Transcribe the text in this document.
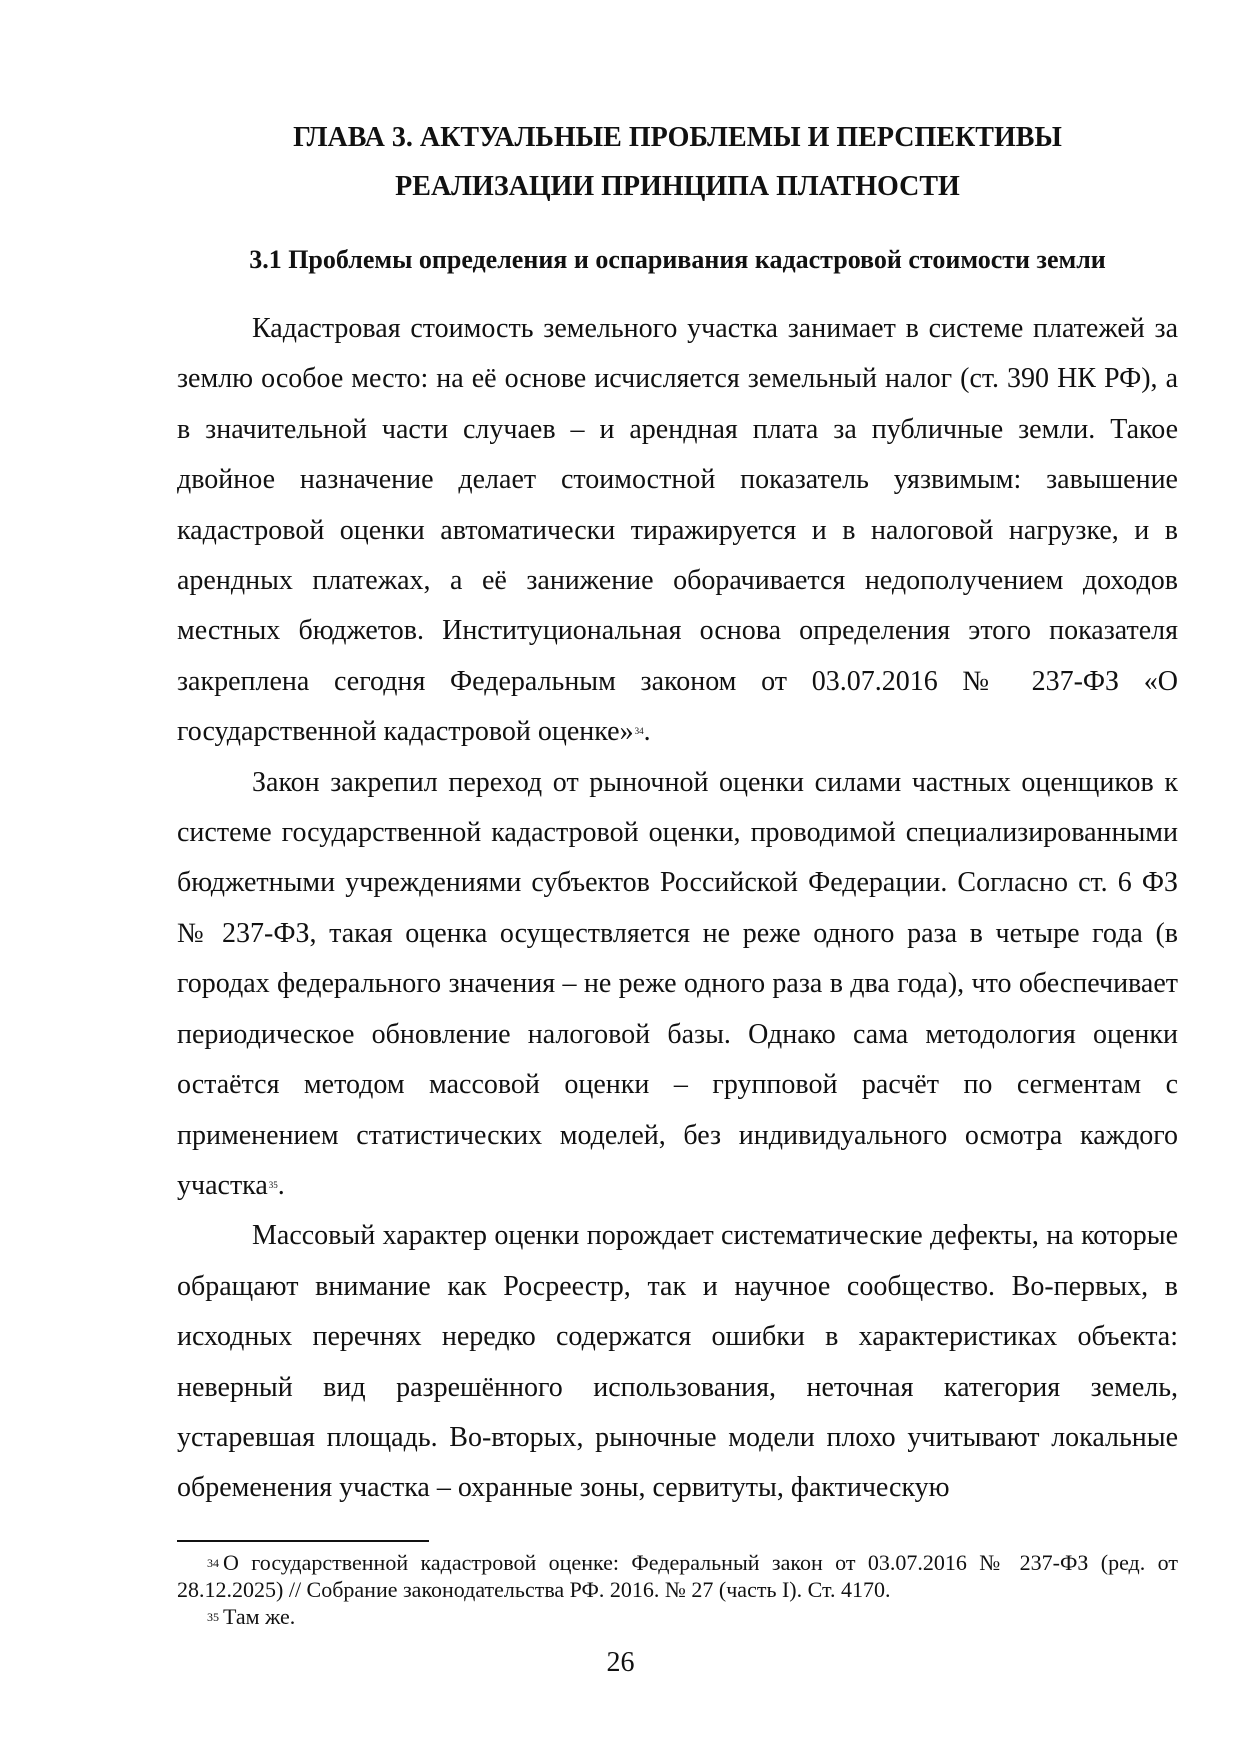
ГЛАВА 3. АКТУАЛЬНЫЕ ПРОБЛЕМЫ И ПЕРСПЕКТИВЫ
РЕАЛИЗАЦИИ ПРИНЦИПА ПЛАТНОСТИ
3.1 Проблемы определения и оспаривания кадастровой стоимости земли

Кадастровая стоимость земельного участка занимает в системе платежей за землю особое место: на её основе исчисляется земельный налог (ст. 390 НК РФ), а в значительной части случаев – и арендная плата за публичные земли. Такое двойное назначение делает стоимостной показатель уязвимым: завышение кадастровой оценки автоматически тиражируется и в налоговой нагрузке, и в арендных платежах, а её занижение оборачивается недополучением доходов местных бюджетов. Институциональная основа определения этого показателя закреплена сегодня Федеральным законом от 03.07.2016 № 237-ФЗ «О государственной кадастровой оценке»$^{34}$.

Закон закрепил переход от рыночной оценки силами частных оценщиков к системе государственной кадастровой оценки, проводимой специализированными бюджетными учреждениями субъектов Российской Федерации. Согласно ст. 6 ФЗ № 237-ФЗ, такая оценка осуществляется не реже одного раза в четыре года (в городах федерального значения – не реже одного раза в два года), что обеспечивает периодическое обновление налоговой базы. Однако сама методология оценки остаётся методом массовой оценки – групповой расчёт по сегментам с применением статистических моделей, без индивидуального осмотра каждого участка$^{35}$.

Массовый характер оценки порождает систематические дефекты, на которые обращают внимание как Росреестр, так и научное сообщество. Во-первых, в исходных перечнях нередко содержатся ошибки в характеристиках объекта: неверный вид разрешённого использования, неточная категория земель, устаревшая площадь. Во-вторых, рыночные модели плохо учитывают локальные обременения участка – охранные зоны, сервитуты, фактическую

$^{34}$ О государственной кадастровой оценке: Федеральный закон от 03.07.2016 № 237-ФЗ (ред. от 28.12.2025) // Собрание законодательства РФ. 2016. № 27 (часть I). Ст. 4170.

$^{35}$ Там же.

26
